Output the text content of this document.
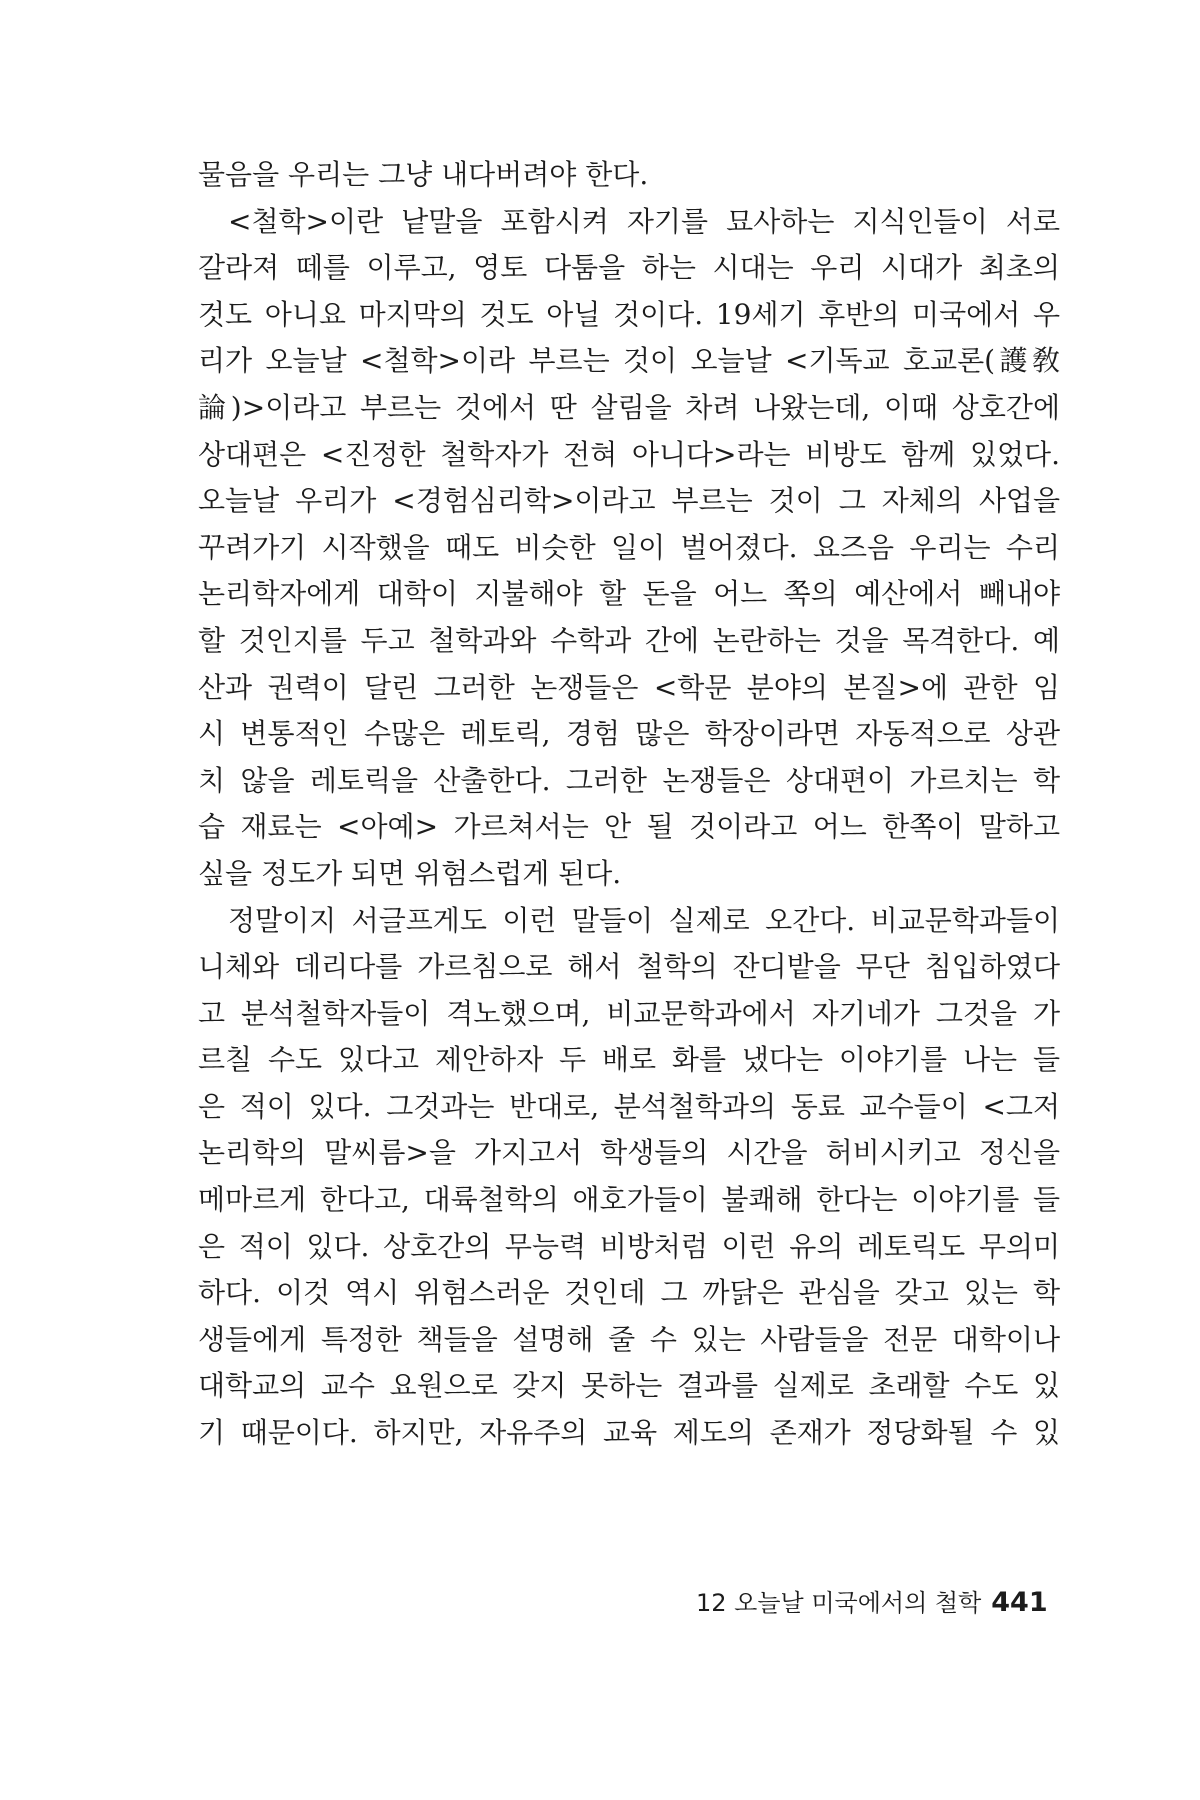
물음을 우리는 그냥 내다버려야 한다.
<철학>이란 낱말을 포함시켜 자기를 묘사하는 지식인들이 서로
갈라져 떼를 이루고, 영토 다툼을 하는 시대는 우리 시대가 최초의
것도 아니요 마지막의 것도 아닐 것이다. 19세기 후반의 미국에서 우
리가 오늘날 <철학>이라 부르는 것이 오늘날 <기독교 호교론(護敎
論)>이라고 부르는 것에서 딴 살림을 차려 나왔는데, 이때 상호간에
상대편은 <진정한 철학자가 전혀 아니다>라는 비방도 함께 있었다.
오늘날 우리가 <경험심리학>이라고 부르는 것이 그 자체의 사업을
꾸려가기 시작했을 때도 비슷한 일이 벌어졌다. 요즈음 우리는 수리
논리학자에게 대학이 지불해야 할 돈을 어느 쪽의 예산에서 빼내야
할 것인지를 두고 철학과와 수학과 간에 논란하는 것을 목격한다. 예
산과 권력이 달린 그러한 논쟁들은 <학문 분야의 본질>에 관한 임
시 변통적인 수많은 레토릭, 경험 많은 학장이라면 자동적으로 상관
치 않을 레토릭을 산출한다. 그러한 논쟁들은 상대편이 가르치는 학
습 재료는 <아예> 가르쳐서는 안 될 것이라고 어느 한쪽이 말하고
싶을 정도가 되면 위험스럽게 된다.
정말이지 서글프게도 이런 말들이 실제로 오간다. 비교문학과들이
니체와 데리다를 가르침으로 해서 철학의 잔디밭을 무단 침입하였다
고 분석철학자들이 격노했으며, 비교문학과에서 자기네가 그것을 가
르칠 수도 있다고 제안하자 두 배로 화를 냈다는 이야기를 나는 들
은 적이 있다. 그것과는 반대로, 분석철학과의 동료 교수들이 <그저
논리학의 말씨름>을 가지고서 학생들의 시간을 허비시키고 정신을
메마르게 한다고, 대륙철학의 애호가들이 불쾌해 한다는 이야기를 들
은 적이 있다. 상호간의 무능력 비방처럼 이런 유의 레토릭도 무의미
하다. 이것 역시 위험스러운 것인데 그 까닭은 관심을 갖고 있는 학
생들에게 특정한 책들을 설명해 줄 수 있는 사람들을 전문 대학이나
대학교의 교수 요원으로 갖지 못하는 결과를 실제로 초래할 수도 있
기 때문이다. 하지만, 자유주의 교육 제도의 존재가 정당화될 수 있
12 오늘날 미국에서의 철학 441
